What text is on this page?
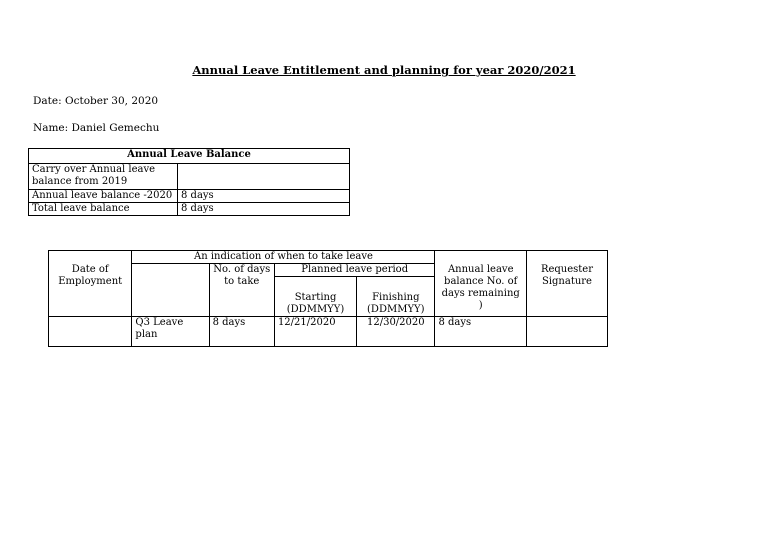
Annual Leave Entitlement and planning for year 2020/2021
Date: October 30, 2020
Name: Daniel Gemechu
Annual Leave Balance	
Carry over Annual leave balance from 2019	
Annual leave balance -2020	8 days
Total leave balance	8 days
Date of Employment	An indication of when to take leave				Annual leave balance No. of days remaining )	Requester Signature
		No. of days to take	Planned leave period			
			Starting (DDMMYY)	Finishing (DDMMYY)		
	Q3 Leave plan	8 days	12/21/2020	12/30/2020	8 days	
